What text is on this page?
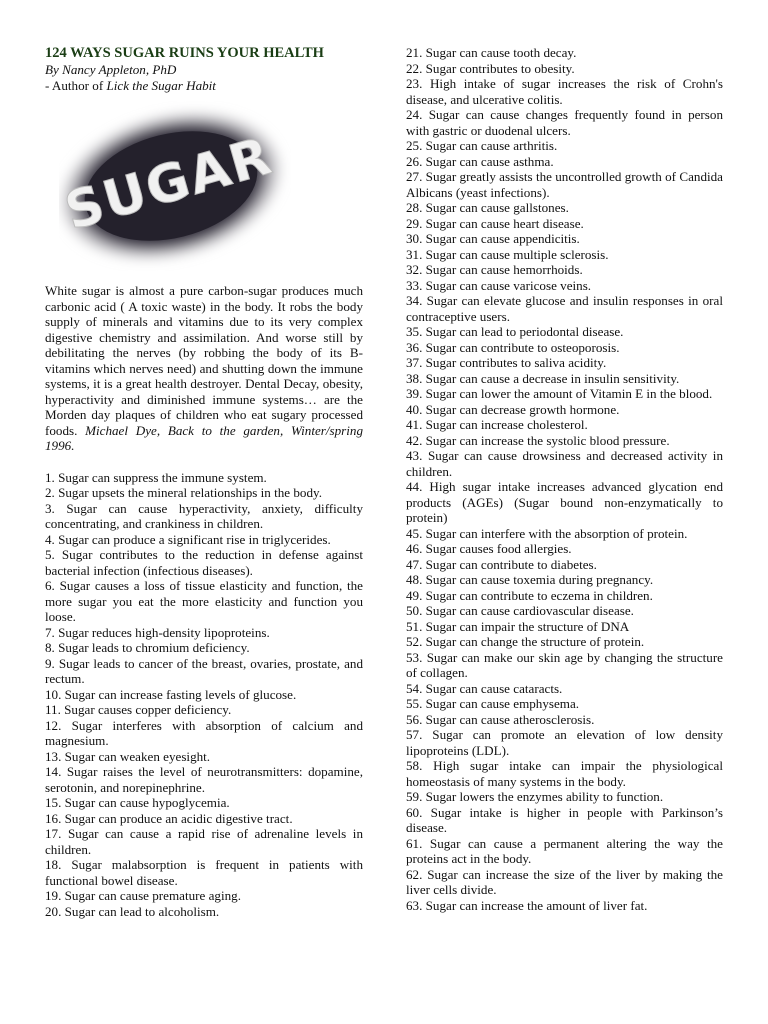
124 WAYS SUGAR RUINS YOUR HEALTH
By Nancy Appleton, PhD
- Author of Lick the Sugar Habit
SUGAR

White sugar is almost a pure carbon-sugar produces much carbonic acid ( A toxic waste) in the body. It robs the body supply of minerals and vitamins due to its very complex digestive chemistry and assimilation. And worse still by debilitating the nerves (by robbing the body of its B-vitamins which nerves need) and shutting down the immune systems, it is a great health destroyer. Dental Decay, obesity, hyperactivity and diminished immune systems… are the Morden day plaques of children who eat sugary processed foods. Michael Dye, Back to the garden, Winter/spring 1996.

1. Sugar can suppress the immune system.
2. Sugar upsets the mineral relationships in the body.
3. Sugar can cause hyperactivity, anxiety, difficulty concentrating, and crankiness in children.
4. Sugar can produce a significant rise in triglycerides.
5. Sugar contributes to the reduction in defense against bacterial infection (infectious diseases).
6. Sugar causes a loss of tissue elasticity and function, the more sugar you eat the more elasticity and function you loose.
7. Sugar reduces high-density lipoproteins.
8. Sugar leads to chromium deficiency.
9. Sugar leads to cancer of the breast, ovaries, prostate, and rectum.
10. Sugar can increase fasting levels of glucose.
11. Sugar causes copper deficiency.
12. Sugar interferes with absorption of calcium and magnesium.
13. Sugar can weaken eyesight.
14. Sugar raises the level of neurotransmitters: dopamine, serotonin, and norepinephrine.
15. Sugar can cause hypoglycemia.
16. Sugar can produce an acidic digestive tract.
17. Sugar can cause a rapid rise of adrenaline levels in children.
18. Sugar malabsorption is frequent in patients with functional bowel disease.
19. Sugar can cause premature aging.
20. Sugar can lead to alcoholism.
21. Sugar can cause tooth decay.
22. Sugar contributes to obesity.
23. High intake of sugar increases the risk of Crohn's disease, and ulcerative colitis.
24. Sugar can cause changes frequently found in person with gastric or duodenal ulcers.
25. Sugar can cause arthritis.
26. Sugar can cause asthma.
27. Sugar greatly assists the uncontrolled growth of Candida Albicans (yeast infections).
28. Sugar can cause gallstones.
29. Sugar can cause heart disease.
30. Sugar can cause appendicitis.
31. Sugar can cause multiple sclerosis.
32. Sugar can cause hemorrhoids.
33. Sugar can cause varicose veins.
34. Sugar can elevate glucose and insulin responses in oral contraceptive users.
35. Sugar can lead to periodontal disease.
36. Sugar can contribute to osteoporosis.
37. Sugar contributes to saliva acidity.
38. Sugar can cause a decrease in insulin sensitivity.
39. Sugar can lower the amount of Vitamin E in the blood.
40. Sugar can decrease growth hormone.
41. Sugar can increase cholesterol.
42. Sugar can increase the systolic blood pressure.
43. Sugar can cause drowsiness and decreased activity in children.
44. High sugar intake increases advanced glycation end products (AGEs) (Sugar bound non-enzymatically to protein)
45. Sugar can interfere with the absorption of protein.
46. Sugar causes food allergies.
47. Sugar can contribute to diabetes.
48. Sugar can cause toxemia during pregnancy.
49. Sugar can contribute to eczema in children.
50. Sugar can cause cardiovascular disease.
51. Sugar can impair the structure of DNA
52. Sugar can change the structure of protein.
53. Sugar can make our skin age by changing the structure of collagen.
54. Sugar can cause cataracts.
55. Sugar can cause emphysema.
56. Sugar can cause atherosclerosis.
57. Sugar can promote an elevation of low density lipoproteins (LDL).
58. High sugar intake can impair the physiological homeostasis of many systems in the body.
59. Sugar lowers the enzymes ability to function.
60. Sugar intake is higher in people with Parkinson’s disease.
61. Sugar can cause a permanent altering the way the proteins act in the body.
62. Sugar can increase the size of the liver by making the liver cells divide.
63. Sugar can increase the amount of liver fat.
